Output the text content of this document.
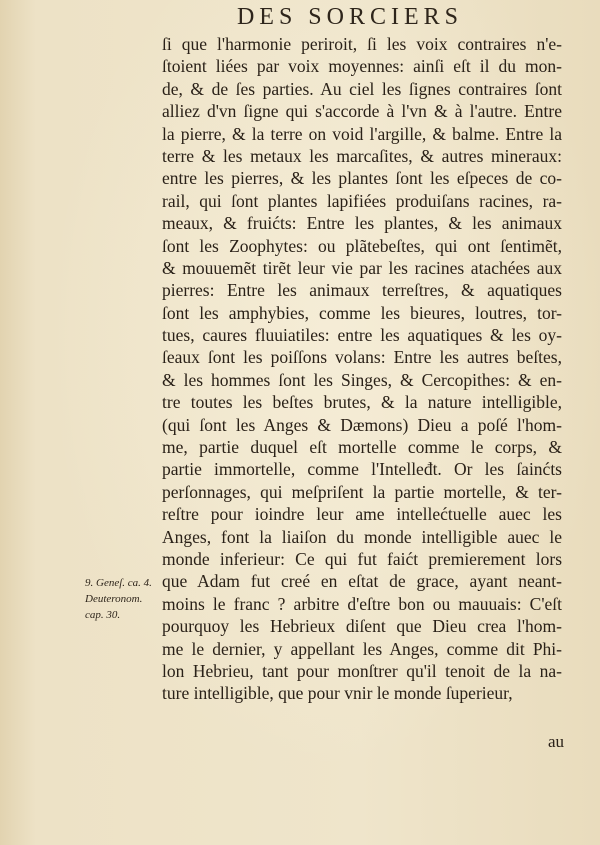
DES SORCIERS
ſi que l'harmonie periroit, ſi les voix contraires n'e-
ſtoient liées par voix moyennes: ainſi eſt il du mon-
de, & de ſes parties. Au ciel les ſignes contraires ſont
alliez d'vn ſigne qui s'accorde à l'vn & à l'autre. Entre
la pierre, & la terre on void l'argille, & balme. Entre la
terre & les metaux les marcaſites, & autres mineraux:
entre les pierres, & les plantes ſont les eſpeces de co-
rail, qui ſont plantes lapifiées produiſans racines, ra-
meaux, & fruićts: Entre les plantes, & les animaux
ſont les Zoophytes: ou plãtebeſtes, qui ont ſentimẽt,
& mouuemẽt tirẽt leur vie par les racines atachées aux
pierres: Entre les animaux terreſtres, & aquatiques
ſont les amphybies, comme les bieures, loutres, tor-
tues, caures fluuiatiles: entre les aquatiques & les oy-
ſeaux ſont les poiſſons volans: Entre les autres beſtes,
& les hommes ſont les Singes, & Cercopithes: & en-
tre toutes les beſtes brutes, & la nature intelligible,
(qui ſont les Anges & Dæmons) Dieu a poſé l'hom-
me, partie duquel eſt mortelle comme le corps, &
partie immortelle, comme l'Intelleđt. Or les ſainćts
perſonnages, qui meſpriſent la partie mortelle, & ter-
reſtre pour ioindre leur ame intellećtuelle auec les
Anges, font la liaiſon du monde intelligible auec le
monde inferieur: Ce qui fut faićt premierement lors
que Adam fut creé en eſtat de grace, ayant neant-
moins le franc ? arbitre d'eſtre bon ou mauuais: C'eſt
pourquoy les Hebrieux diſent que Dieu crea l'hom-
me le dernier, y appellant les Anges, comme dit Phi-
lon Hebrieu, tant pour monſtrer qu'il tenoit de la na-
ture intelligible, que pour vnir le monde ſuperieur,
9. Geneſ. ca. 4.
Deuteronom.
cap. 30.
au
